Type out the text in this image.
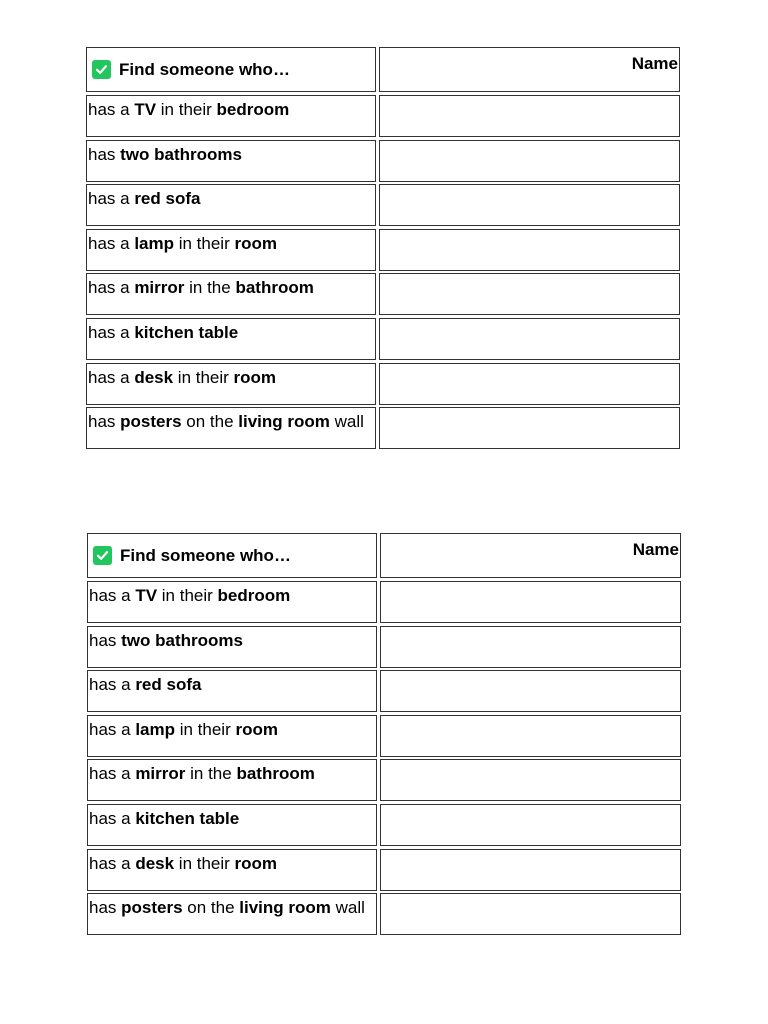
Find someone who…	Name
has a TV in their bedroom
has two bathrooms
has a red sofa
has a lamp in their room
has a mirror in the bathroom
has a kitchen table
has a desk in their room
has posters on the living room wall
Find someone who…	Name
has a TV in their bedroom
has two bathrooms
has a red sofa
has a lamp in their room
has a mirror in the bathroom
has a kitchen table
has a desk in their room
has posters on the living room wall
